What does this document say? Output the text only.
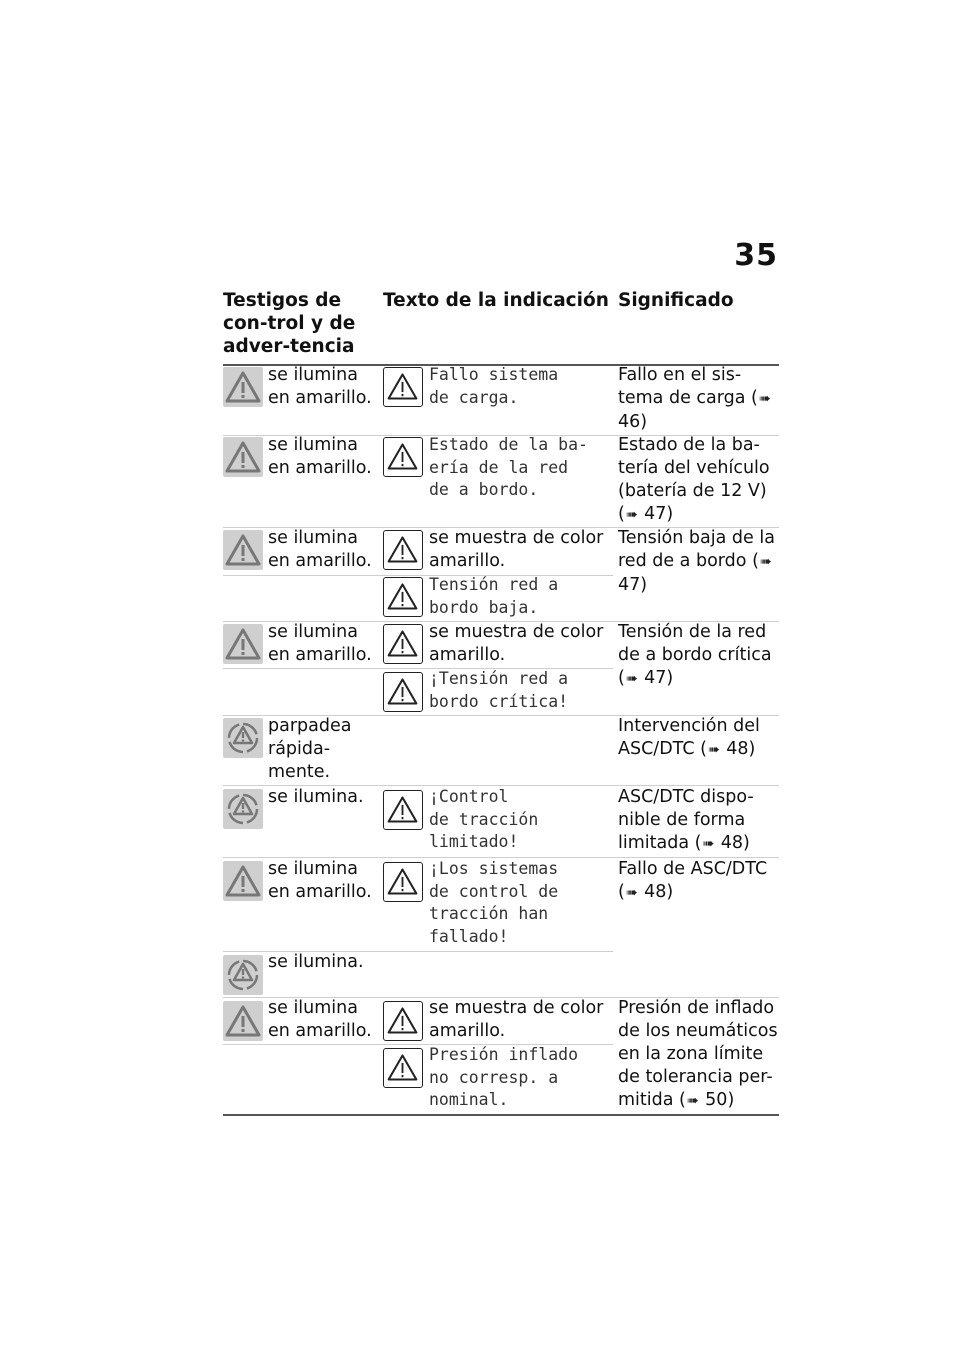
35
Testigos de con-trol y de adver-tencia
Texto de la indicación Significado
se ilumina en amarillo.
Fallo sistema
de carga.
Fallo en el sis-tema de carga (➠ 46)
se ilumina en amarillo.
Estado de la ba-
ería de la red
de a bordo.
Estado de la ba-tería del vehículo (batería de 12 V) (➠ 47)
se ilumina en amarillo.
se muestra de color amarillo.
Tensión red a
bordo baja.
Tensión baja de la red de a bordo (➠ 47)
se ilumina en amarillo.
se muestra de color amarillo.
¡Tensión red a
bordo crítica!
Tensión de la red de a bordo crítica (➠ 47)
parpadea rápida-mente.
Intervención del ASC/DTC (➠ 48)
se ilumina.	¡Control
de tracción
limitado!
ASC/DTC dispo-nible de forma limitada (➠ 48)
se ilumina en amarillo.
¡Los sistemas
de control de
tracción han
fallado!
Fallo de ASC/DTC (➠ 48)
se ilumina.
se ilumina en amarillo.
se muestra de color amarillo.
Presión inflado
no corresp. a
nominal.
Presión de inflado de los neumáticos en la zona límite de tolerancia per-mitida (➠ 50)
